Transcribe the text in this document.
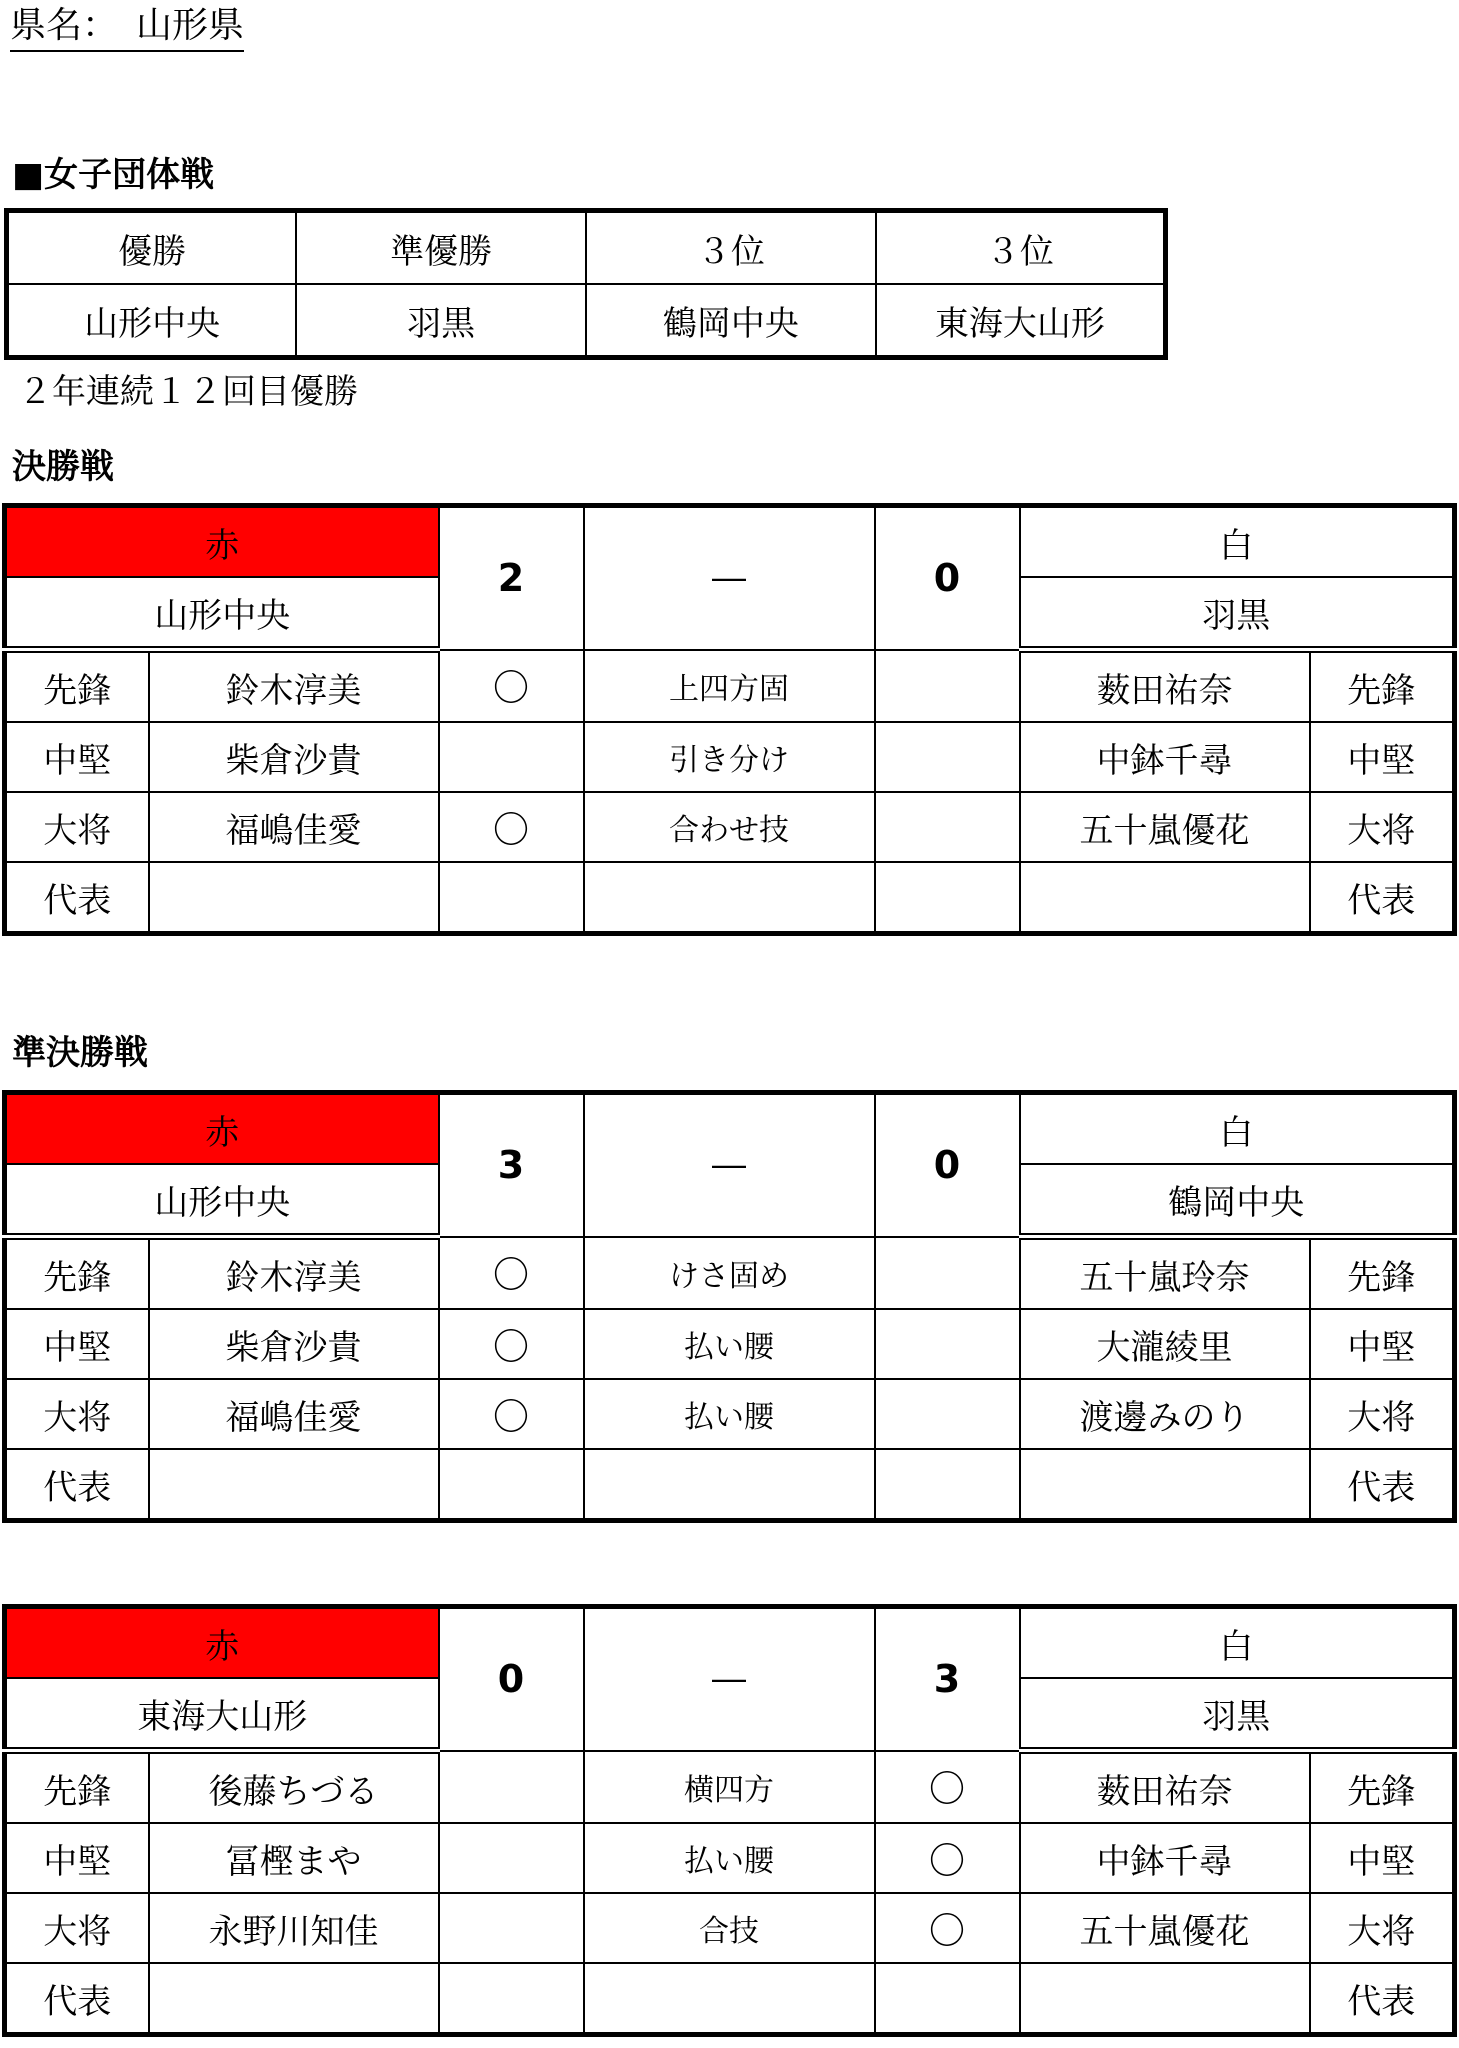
県名：　山形県
■女子団体戦
優勝	準優勝	３位	３位
山形中央	羽黒	鶴岡中央	東海大山形
２年連続１２回目優勝
決勝戦
準決勝戦
赤		2	―	0	白	
山形中央					羽黒	
先鋒	鈴木淳美	〇	上四方固		薮田祐奈	先鋒
中堅	柴倉沙貴		引き分け		中鉢千尋	中堅
大将	福嶋佳愛	〇	合わせ技		五十嵐優花	大将
代表						代表
赤		3	―	0	白	
山形中央					鶴岡中央	
先鋒	鈴木淳美	〇	けさ固め		五十嵐玲奈	先鋒
中堅	柴倉沙貴	〇	払い腰		大瀧綾里	中堅
大将	福嶋佳愛	〇	払い腰		渡邊みのり	大将
代表						代表
赤		0	―	3	白	
東海大山形					羽黒	
先鋒	後藤ちづる		横四方	〇	薮田祐奈	先鋒
中堅	冨樫まや		払い腰	〇	中鉢千尋	中堅
大将	永野川知佳		合技	〇	五十嵐優花	大将
代表						代表
